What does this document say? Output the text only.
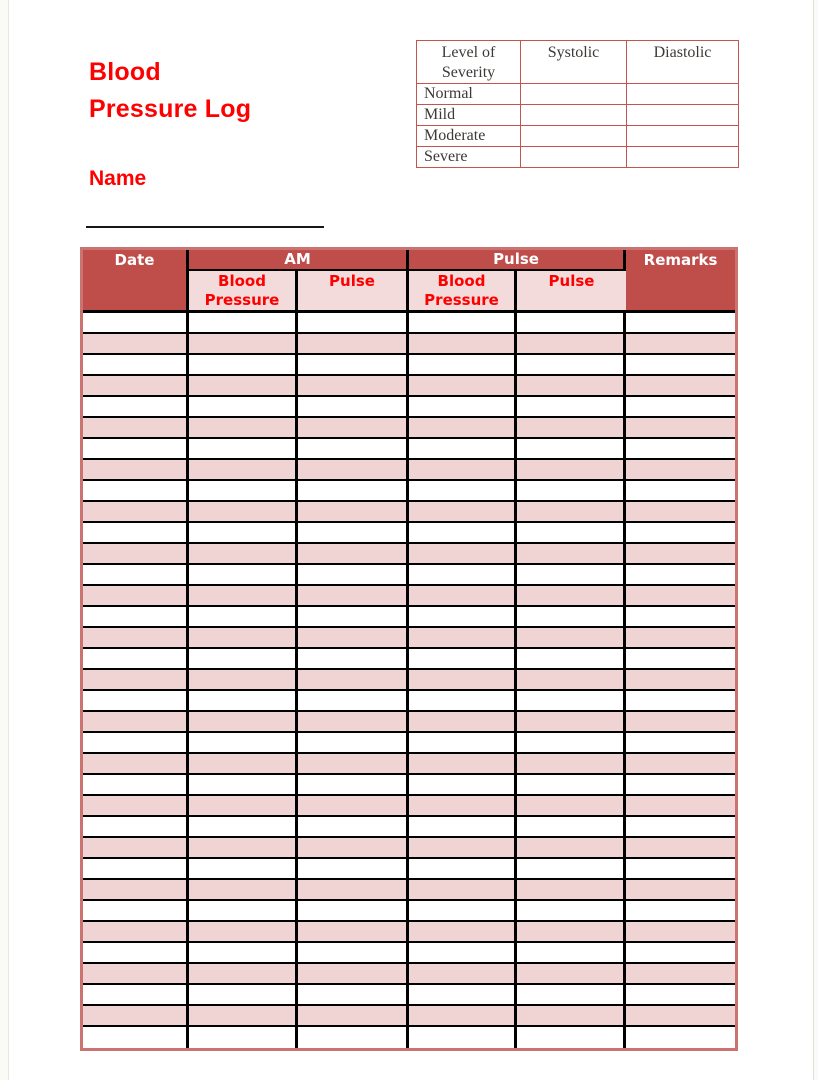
Blood
Pressure Log
Level of Severity	Systolic	Diastolic
Normal		
Mild		
Moderate		
Severe		
Name
Date	AM		Pulse		Remarks

	Blood Pressure	Pulse	Blood Pressure	Pulse	
